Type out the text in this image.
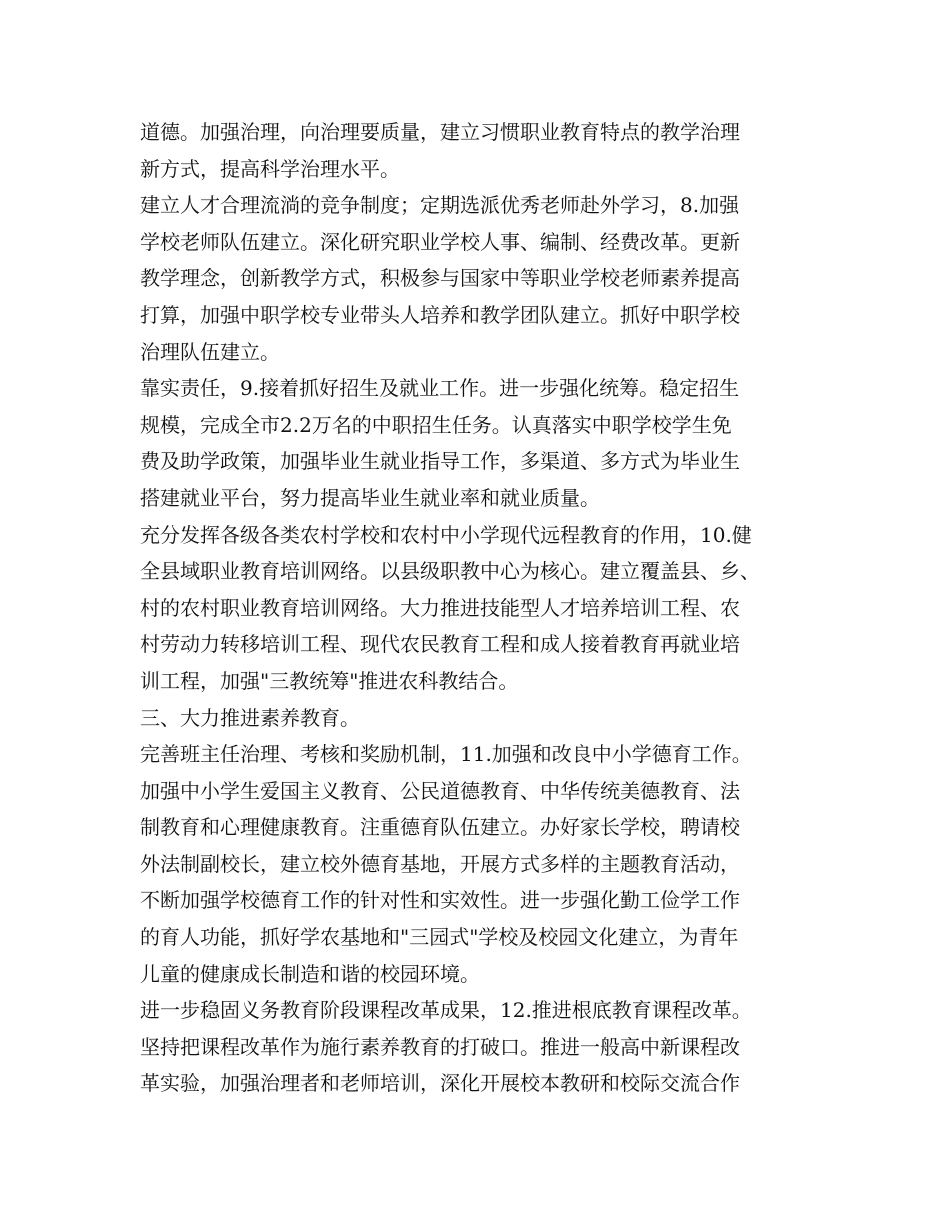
道德。加强治理，向治理要质量，建立习惯职业教育特点的教学治理
新方式，提高科学治理水平。
建立人才合理流淌的竞争制度；定期选派优秀老师赴外学习，8.加强
学校老师队伍建立。深化研究职业学校人事、编制、经费改革。更新
教学理念，创新教学方式，积极参与国家中等职业学校老师素养提高
打算，加强中职学校专业带头人培养和教学团队建立。抓好中职学校
治理队伍建立。
靠实责任，9.接着抓好招生及就业工作。进一步强化统筹。稳定招生
规模，完成全市2.2万名的中职招生任务。认真落实中职学校学生免
费及助学政策，加强毕业生就业指导工作，多渠道、多方式为毕业生
搭建就业平台，努力提高毕业生就业率和就业质量。
充分发挥各级各类农村学校和农村中小学现代远程教育的作用，10.健
全县域职业教育培训网络。以县级职教中心为核心。建立覆盖县、乡、
村的农村职业教育培训网络。大力推进技能型人才培养培训工程、农
村劳动力转移培训工程、现代农民教育工程和成人接着教育再就业培
训工程，加强"三教统筹"推进农科教结合。
三、大力推进素养教育。
完善班主任治理、考核和奖励机制，11.加强和改良中小学德育工作。
加强中小学生爱国主义教育、公民道德教育、中华传统美德教育、法
制教育和心理健康教育。注重德育队伍建立。办好家长学校，聘请校
外法制副校长，建立校外德育基地，开展方式多样的主题教育活动，
不断加强学校德育工作的针对性和实效性。进一步强化勤工俭学工作
的育人功能，抓好学农基地和"三园式"学校及校园文化建立，为青年
儿童的健康成长制造和谐的校园环境。
进一步稳固义务教育阶段课程改革成果，12.推进根底教育课程改革。
坚持把课程改革作为施行素养教育的打破口。推进一般高中新课程改
革实验，加强治理者和老师培训，深化开展校本教研和校际交流合作
